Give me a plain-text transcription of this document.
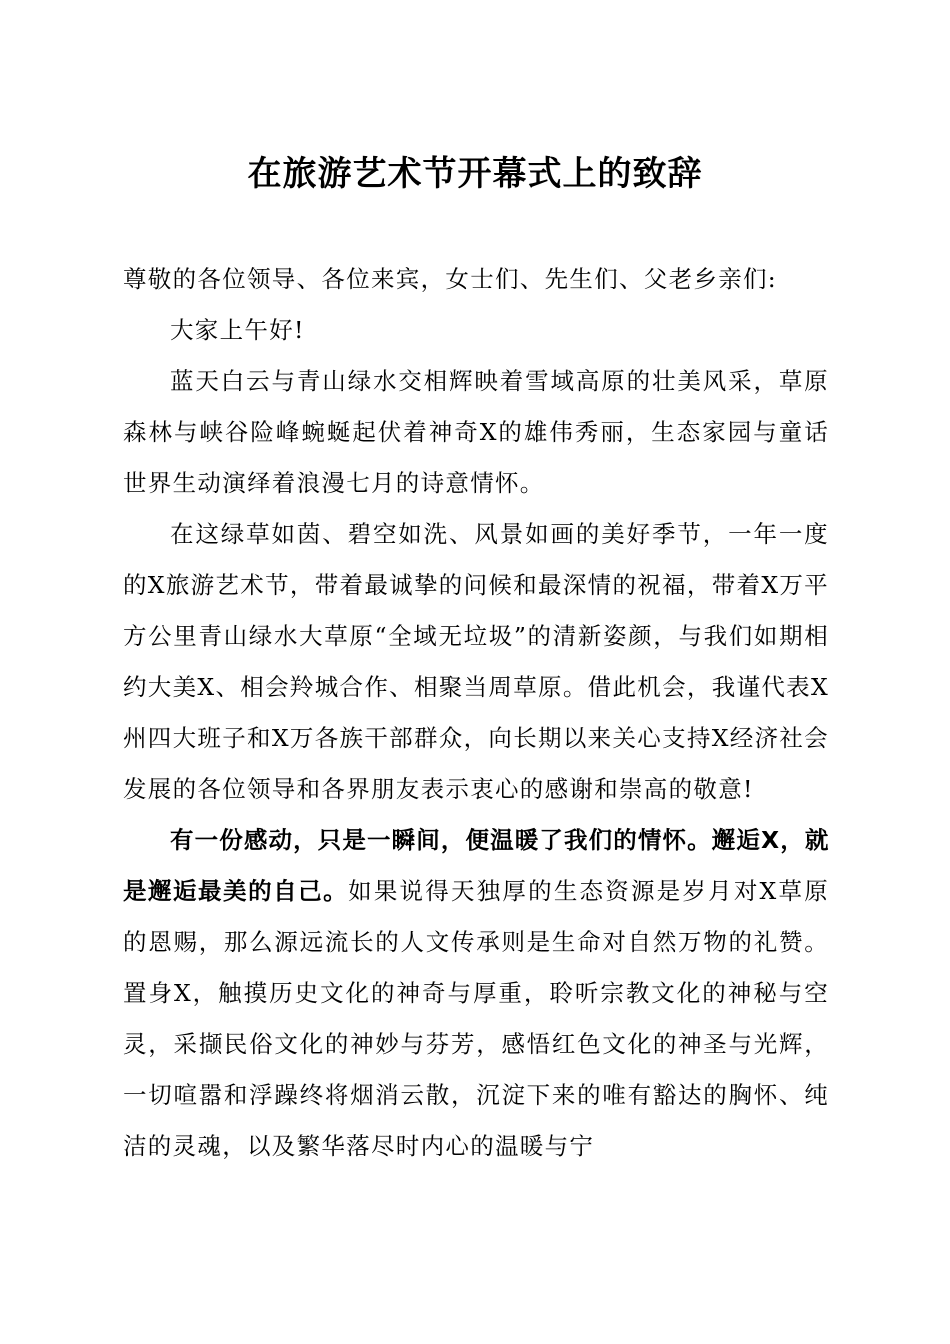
在旅游艺术节开幕式上的致辞

尊敬的各位领导、各位来宾，女士们、先生们、父老乡亲们:

大家上午好!

蓝天白云与青山绿水交相辉映着雪域高原的壮美风采，草原森林与峡谷险峰蜿蜒起伏着神奇X的雄伟秀丽，生态家园与童话世界生动演绎着浪漫七月的诗意情怀。

在这绿草如茵、碧空如洗、风景如画的美好季节，一年一度的X旅游艺术节，带着最诚挚的问候和最深情的祝福，带着X万平方公里青山绿水大草原“全域无垃圾”的清新姿颜，与我们如期相约大美X、相会羚城合作、相聚当周草原。借此机会，我谨代表X州四大班子和X万各族干部群众，向长期以来关心支持X经济社会发展的各位领导和各界朋友表示衷心的感谢和崇高的敬意!

有一份感动，只是一瞬间，便温暖了我们的情怀。邂逅X，就是邂逅最美的自己。如果说得天独厚的生态资源是岁月对X草原的恩赐，那么源远流长的人文传承则是生命对自然万物的礼赞。置身X，触摸历史文化的神奇与厚重，聆听宗教文化的神秘与空灵，采撷民俗文化的神妙与芬芳，感悟红色文化的神圣与光辉，一切喧嚣和浮躁终将烟消云散，沉淀下来的唯有豁达的胸怀、纯洁的灵魂，以及繁华落尽时内心的温暖与宁
